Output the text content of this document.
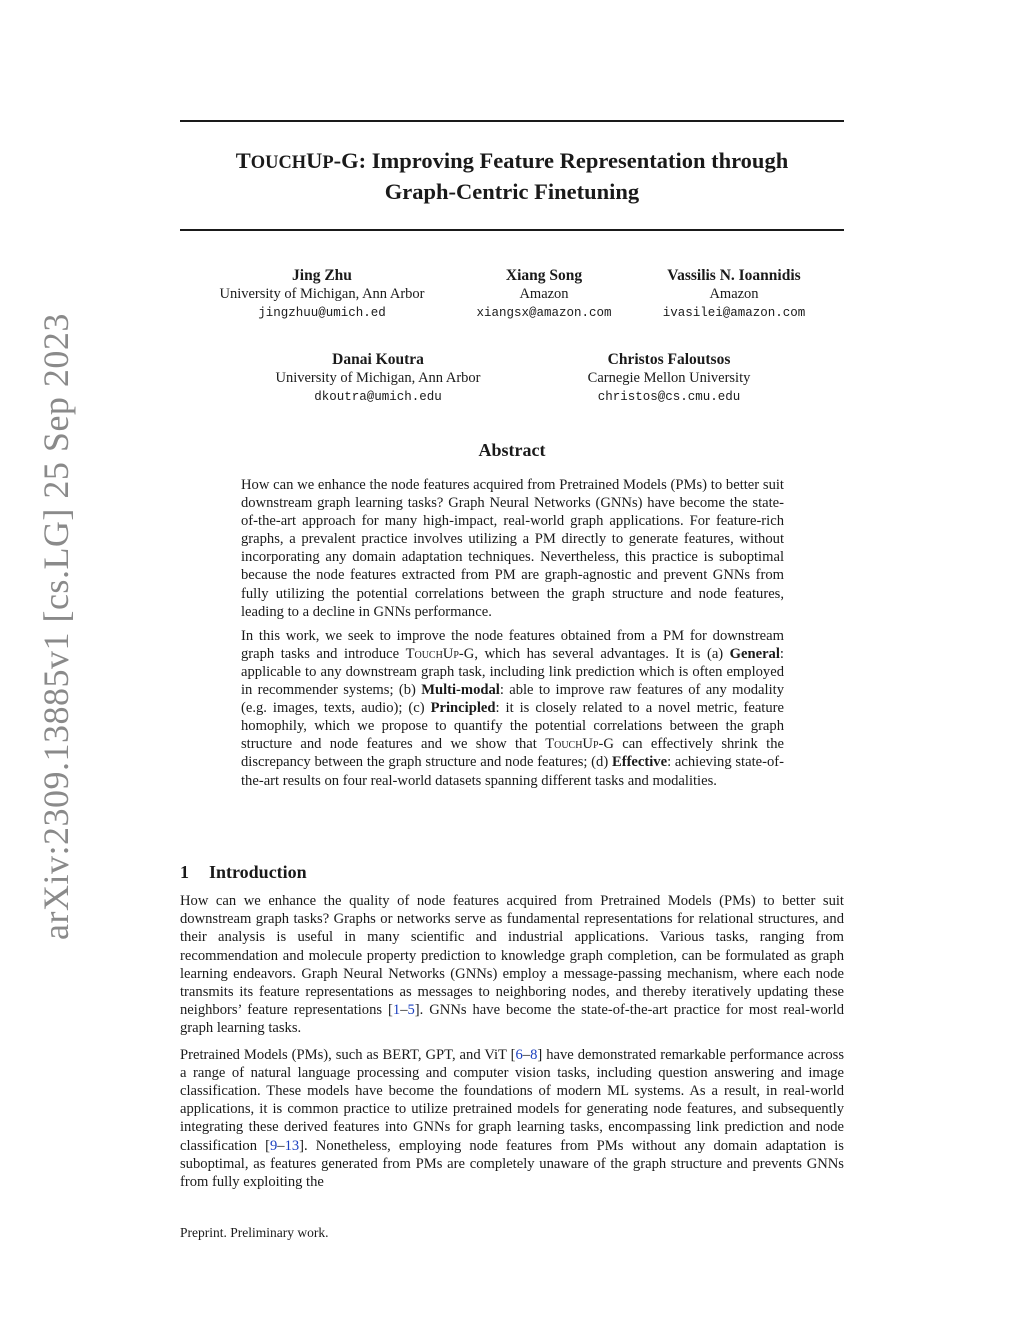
arXiv:2309.13885v1 [cs.LG] 25 Sep 2023
TOUCHUP-G: Improving Feature Representation through
Graph-Centric Finetuning
Jing Zhu
University of Michigan, Ann Arbor
jingzhuu@umich.ed
Xiang Song
Amazon
xiangsx@amazon.com
Vassilis N. Ioannidis
Amazon
ivasilei@amazon.com
Danai Koutra
University of Michigan, Ann Arbor
dkoutra@umich.edu
Christos Faloutsos
Carnegie Mellon University
christos@cs.cmu.edu
Abstract

How can we enhance the node features acquired from Pretrained Models (PMs) to better suit downstream graph learning tasks? Graph Neural Networks (GNNs) have become the state-of-the-art approach for many high-impact, real-world graph applications. For feature-rich graphs, a prevalent practice involves utilizing a PM directly to generate features, without incorporating any domain adaptation techniques. Nevertheless, this practice is suboptimal because the node features extracted from PM are graph-agnostic and prevent GNNs from fully utilizing the potential correlations between the graph structure and node features, leading to a decline in GNNs performance.

In this work, we seek to improve the node features obtained from a PM for downstream graph tasks and introduce TouchUp-G, which has several advantages. It is (a) General: applicable to any downstream graph task, including link prediction which is often employed in recommender systems; (b) Multi-modal: able to improve raw features of any modality (e.g. images, texts, audio); (c) Principled: it is closely related to a novel metric, feature homophily, which we propose to quantify the potential correlations between the graph structure and node features and we show that TouchUp-G can effectively shrink the discrepancy between the graph structure and node features; (d) Effective: achieving state-of-the-art results on four real-world datasets spanning different tasks and modalities.

1 Introduction

How can we enhance the quality of node features acquired from Pretrained Models (PMs) to better suit downstream graph tasks? Graphs or networks serve as fundamental representations for relational structures, and their analysis is useful in many scientific and industrial applications. Various tasks, ranging from recommendation and molecule property prediction to knowledge graph completion, can be formulated as graph learning endeavors. Graph Neural Networks (GNNs) employ a message-passing mechanism, where each node transmits its feature representations as messages to neighboring nodes, and thereby iteratively updating these neighbors’ feature representations [1–5]. GNNs have become the state-of-the-art practice for most real-world graph learning tasks.

Pretrained Models (PMs), such as BERT, GPT, and ViT [6–8] have demonstrated remarkable performance across a range of natural language processing and computer vision tasks, including question answering and image classification. These models have become the foundations of modern ML systems. As a result, in real-world applications, it is common practice to utilize pretrained models for generating node features, and subsequently integrating these derived features into GNNs for graph learning tasks, encompassing link prediction and node classification [9–13]. Nonetheless, employing node features from PMs without any domain adaptation is suboptimal, as features generated from PMs are completely unaware of the graph structure and prevents GNNs from fully exploiting the

Preprint. Preliminary work.
